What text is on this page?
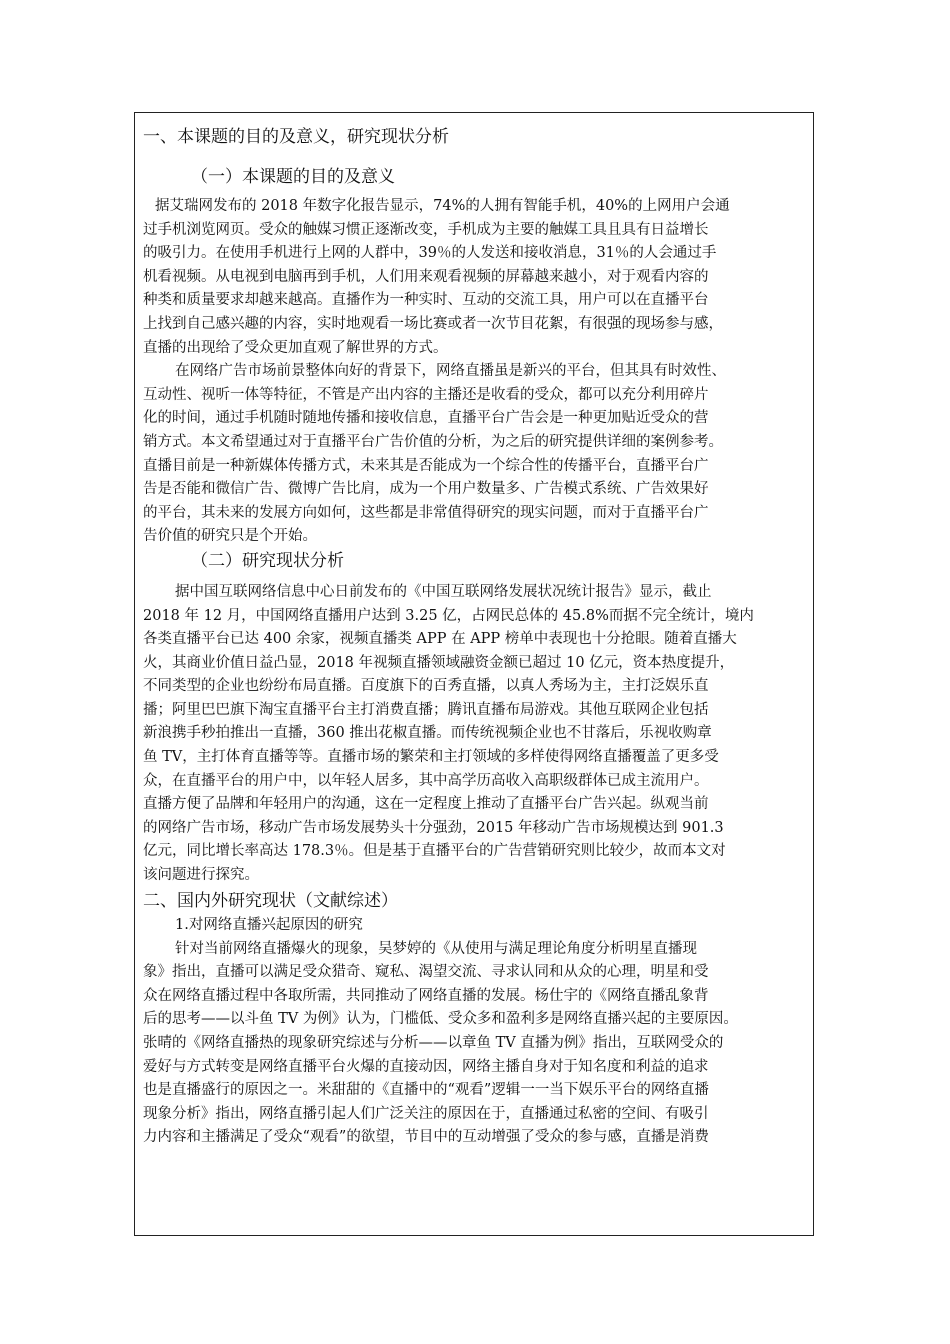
一、本课题的目的及意义，研究现状分析
（一）本课题的目的及意义
据艾瑞网发布的 2018 年数字化报告显示，74%的人拥有智能手机，40%的上网用户会通
过手机浏览网页。受众的触媒习惯正逐渐改变，手机成为主要的触媒工具且具有日益增长
的吸引力。在使用手机进行上网的人群中，39％的人发送和接收消息，31％的人会通过手
机看视频。从电视到电脑再到手机，人们用来观看视频的屏幕越来越小，对于观看内容的
种类和质量要求却越来越高。直播作为一种实时、互动的交流工具，用户可以在直播平台
上找到自己感兴趣的内容，实时地观看一场比赛或者一次节目花絮，有很强的现场参与感，
直播的出现给了受众更加直观了解世界的方式。
在网络广告市场前景整体向好的背景下，网络直播虽是新兴的平台，但其具有时效性、
互动性、视听一体等特征，不管是产出内容的主播还是收看的受众，都可以充分利用碎片
化的时间，通过手机随时随地传播和接收信息，直播平台广告会是一种更加贴近受众的营
销方式。本文希望通过对于直播平台广告价值的分析，为之后的研究提供详细的案例参考。
直播目前是一种新媒体传播方式，未来其是否能成为一个综合性的传播平台，直播平台广
告是否能和微信广告、微博广告比肩，成为一个用户数量多、广告模式系统、广告效果好
的平台，其未来的发展方向如何，这些都是非常值得研究的现实问题，而对于直播平台广
告价值的研究只是个开始。
（二）研究现状分析
据中国互联网络信息中心日前发布的《中国互联网络发展状况统计报告》显示，截止
2018 年 12 月，中国网络直播用户达到 3.25 亿，占网民总体的 45.8%而据不完全统计，境内
各类直播平台已达 400 余家，视频直播类 APP 在 APP 榜单中表现也十分抢眼。随着直播大
火，其商业价值日益凸显，2018 年视频直播领域融资金额已超过 10 亿元，资本热度提升，
不同类型的企业也纷纷布局直播。百度旗下的百秀直播，以真人秀场为主，主打泛娱乐直
播；阿里巴巴旗下淘宝直播平台主打消费直播；腾讯直播布局游戏。其他互联网企业包括
新浪携手秒拍推出一直播，360 推出花椒直播。而传统视频企业也不甘落后，乐视收购章
鱼 TV，主打体育直播等等。直播市场的繁荣和主打领域的多样使得网络直播覆盖了更多受
众，在直播平台的用户中，以年轻人居多，其中高学历高收入高职级群体已成主流用户。
直播方便了品牌和年轻用户的沟通，这在一定程度上推动了直播平台广告兴起。纵观当前
的网络广告市场，移动广告市场发展势头十分强劲，2015 年移动广告市场规模达到 901.3
亿元，同比增长率高达 178.3％。但是基于直播平台的广告营销研究则比较少，故而本文对
该问题进行探究。
二、国内外研究现状（文献综述）
1.对网络直播兴起原因的研究
针对当前网络直播爆火的现象，吴梦婷的《从使用与满足理论角度分析明星直播现
象》指出，直播可以满足受众猎奇、窥私、渴望交流、寻求认同和从众的心理，明星和受
众在网络直播过程中各取所需，共同推动了网络直播的发展。杨仕宇的《网络直播乱象背
后的思考——以斗鱼 TV 为例》认为，门槛低、受众多和盈利多是网络直播兴起的主要原因。
张晴的《网络直播热的现象研究综述与分析——以章鱼 TV 直播为例》指出，互联网受众的
爱好与方式转变是网络直播平台火爆的直接动因，网络主播自身对于知名度和利益的追求
也是直播盛行的原因之一。米甜甜的《直播中的“观看”逻辑一一当下娱乐平台的网络直播
现象分析》指出，网络直播引起人们广泛关注的原因在于，直播通过私密的空间、有吸引
力内容和主播满足了受众“观看”的欲望，节目中的互动增强了受众的参与感，直播是消费
